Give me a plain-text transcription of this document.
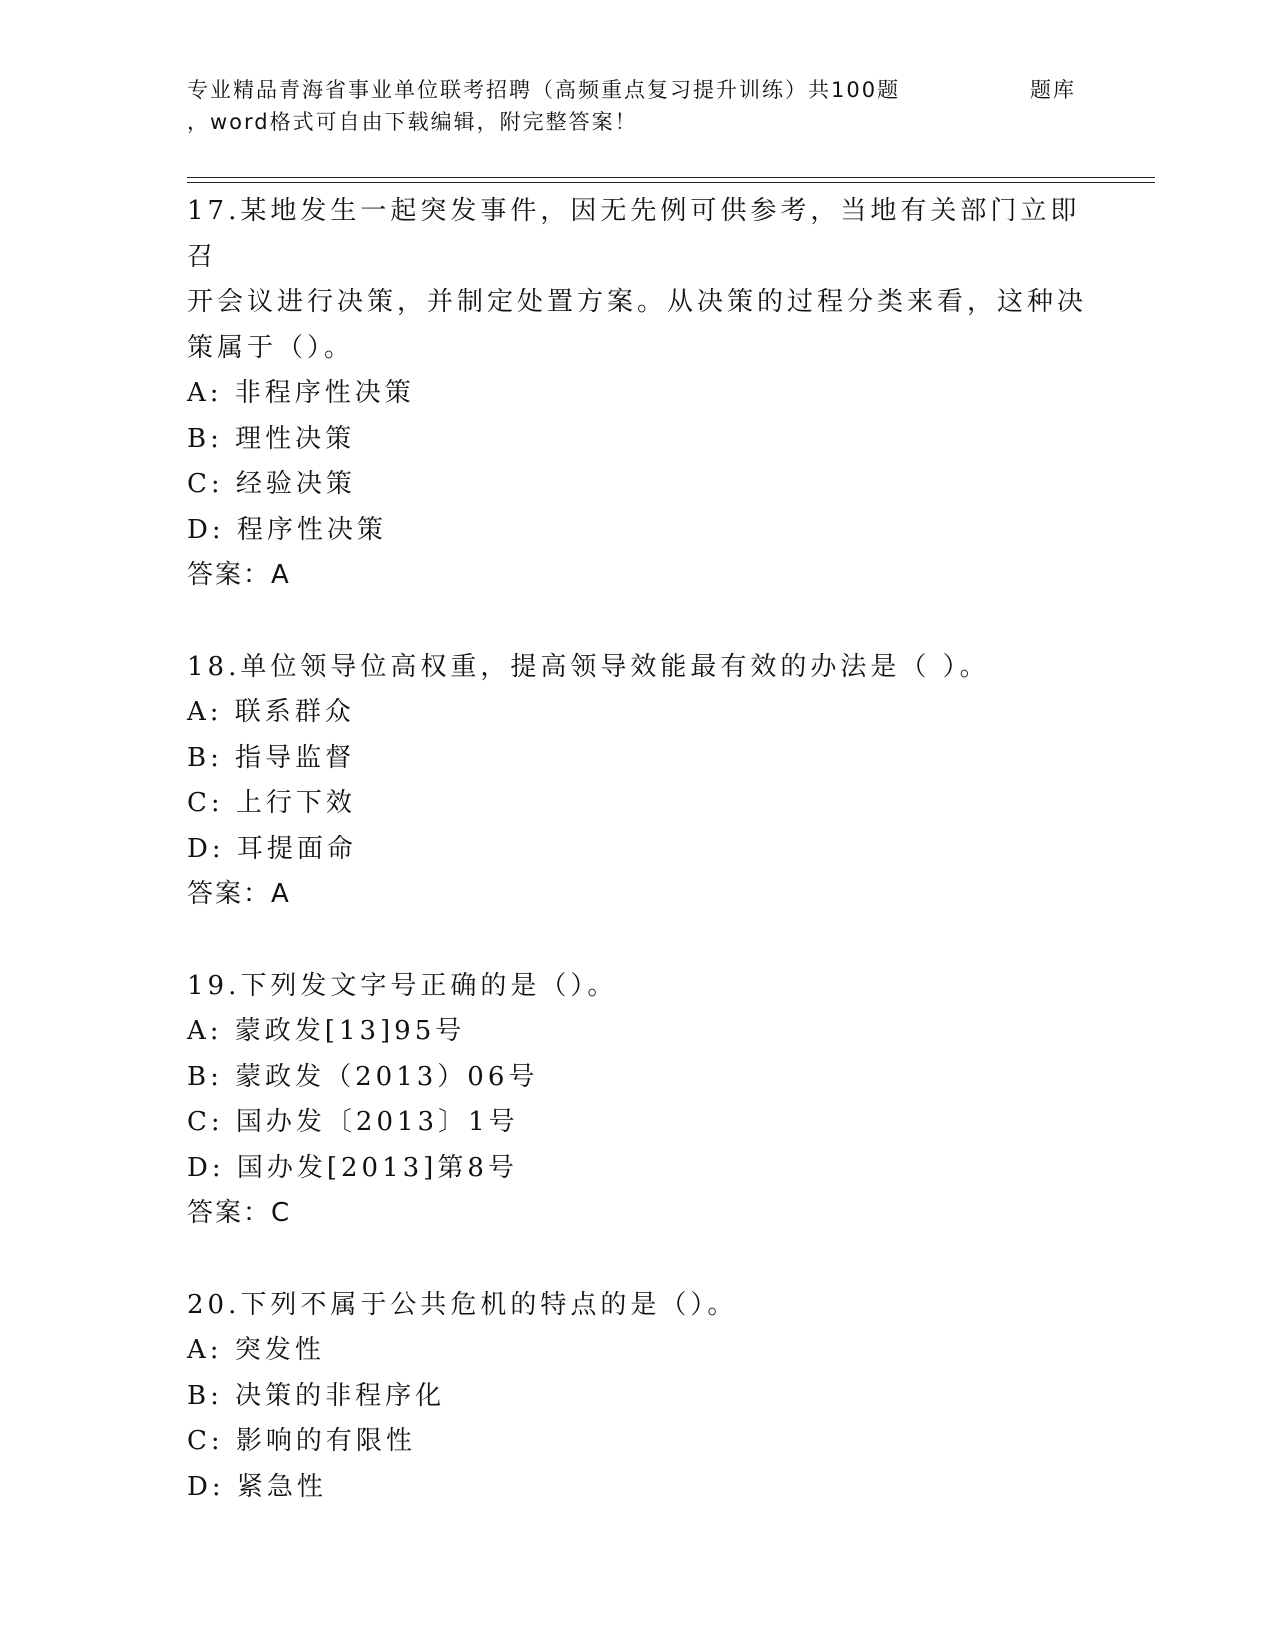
专业精品青海省事业单位联考招聘（高频重点复习提升训练）共100题	题库
，word格式可自由下载编辑，附完整答案！

17.某地发生一起突发事件，因无先例可供参考，当地有关部门立即召

开会议进行决策，并制定处置方案。从决策的过程分类来看，这种决

策属于（）。

A: 非程序性决策

B: 理性决策

C: 经验决策

D: 程序性决策

答案：A

18.单位领导位高权重，提高领导效能最有效的办法是（ ）。

A: 联系群众

B: 指导监督

C: 上行下效

D: 耳提面命

答案：A

19.下列发文字号正确的是（）。

A: 蒙政发[13]95号

B: 蒙政发（2013）06号

C: 国办发〔2013〕1号

D: 国办发[2013]第8号

答案：C

20.下列不属于公共危机的特点的是（）。

A: 突发性

B: 决策的非程序化

C: 影响的有限性

D: 紧急性
